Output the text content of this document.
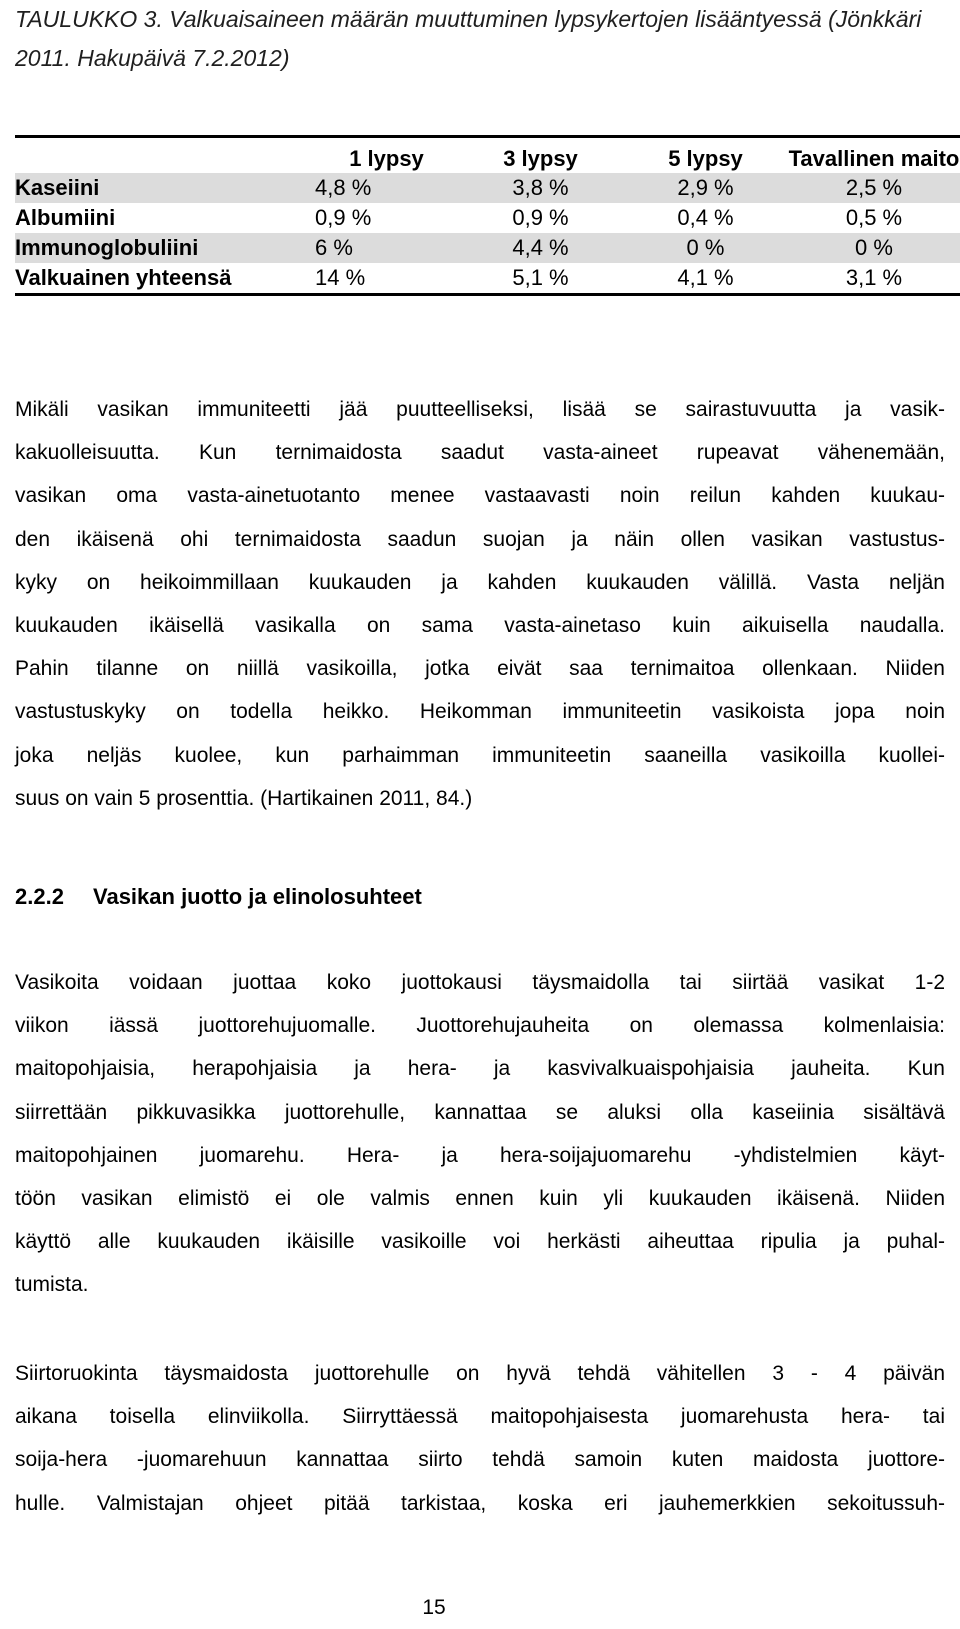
TAULUKKO 3. Valkuaisaineen määrän muuttuminen lypsykertojen lisääntyessä (Jönkkäri 2011. Hakupäivä 7.2.2012)
	1 lypsy	3 lypsy	5 lypsy	Tavallinen maito
Kaseiini	4,8 %	3,8 %	2,9 %	2,5 %
Albumiini	0,9 %	0,9 %	0,4 %	0,5 %
Immunoglobuliini	6 %	4,4 %	0 %	0 %
Valkuainen yhteensä	14 %	5,1 %	4,1 %	3,1 %
Mikäli vasikan immuniteetti jää puutteelliseksi, lisää se sairastuvuutta ja vasik-
kakuolleisuutta. Kun ternimaidosta saadut vasta-aineet rupeavat vähenemään,
vasikan oma vasta-ainetuotanto menee vastaavasti noin reilun kahden kuukau-
den ikäisenä ohi ternimaidosta saadun suojan ja näin ollen vasikan vastustus-
kyky on heikoimmillaan kuukauden ja kahden kuukauden välillä. Vasta neljän
kuukauden ikäisellä vasikalla on sama vasta-ainetaso kuin aikuisella naudalla.
Pahin tilanne on niillä vasikoilla, jotka eivät saa ternimaitoa ollenkaan. Niiden
vastustuskyky on todella heikko. Heikomman immuniteetin vasikoista jopa noin
joka neljäs kuolee, kun parhaimman immuniteetin saaneilla vasikoilla kuollei-
suus on vain 5 prosenttia. (Hartikainen 2011, 84.)
2.2.2 Vasikan juotto ja elinolosuhteet
Vasikoita voidaan juottaa koko juottokausi täysmaidolla tai siirtää vasikat 1-2
viikon iässä juottorehujuomalle. Juottorehujauheita on olemassa kolmenlaisia:
maitopohjaisia, herapohjaisia ja hera- ja kasvivalkuaispohjaisia jauheita. Kun
siirrettään pikkuvasikka juottorehulle, kannattaa se aluksi olla kaseiinia sisältävä
maitopohjainen juomarehu. Hera- ja hera-soijajuomarehu -yhdistelmien käyt-
töön vasikan elimistö ei ole valmis ennen kuin yli kuukauden ikäisenä. Niiden
käyttö alle kuukauden ikäisille vasikoille voi herkästi aiheuttaa ripulia ja puhal-
tumista.
Siirtoruokinta täysmaidosta juottorehulle on hyvä tehdä vähitellen 3 - 4 päivän
aikana toisella elinviikolla. Siirryttäessä maitopohjaisesta juomarehusta hera- tai
soija-hera -juomarehuun kannattaa siirto tehdä samoin kuten maidosta juottore-
hulle. Valmistajan ohjeet pitää tarkistaa, koska eri jauhemerkkien sekoitussuh-
15
